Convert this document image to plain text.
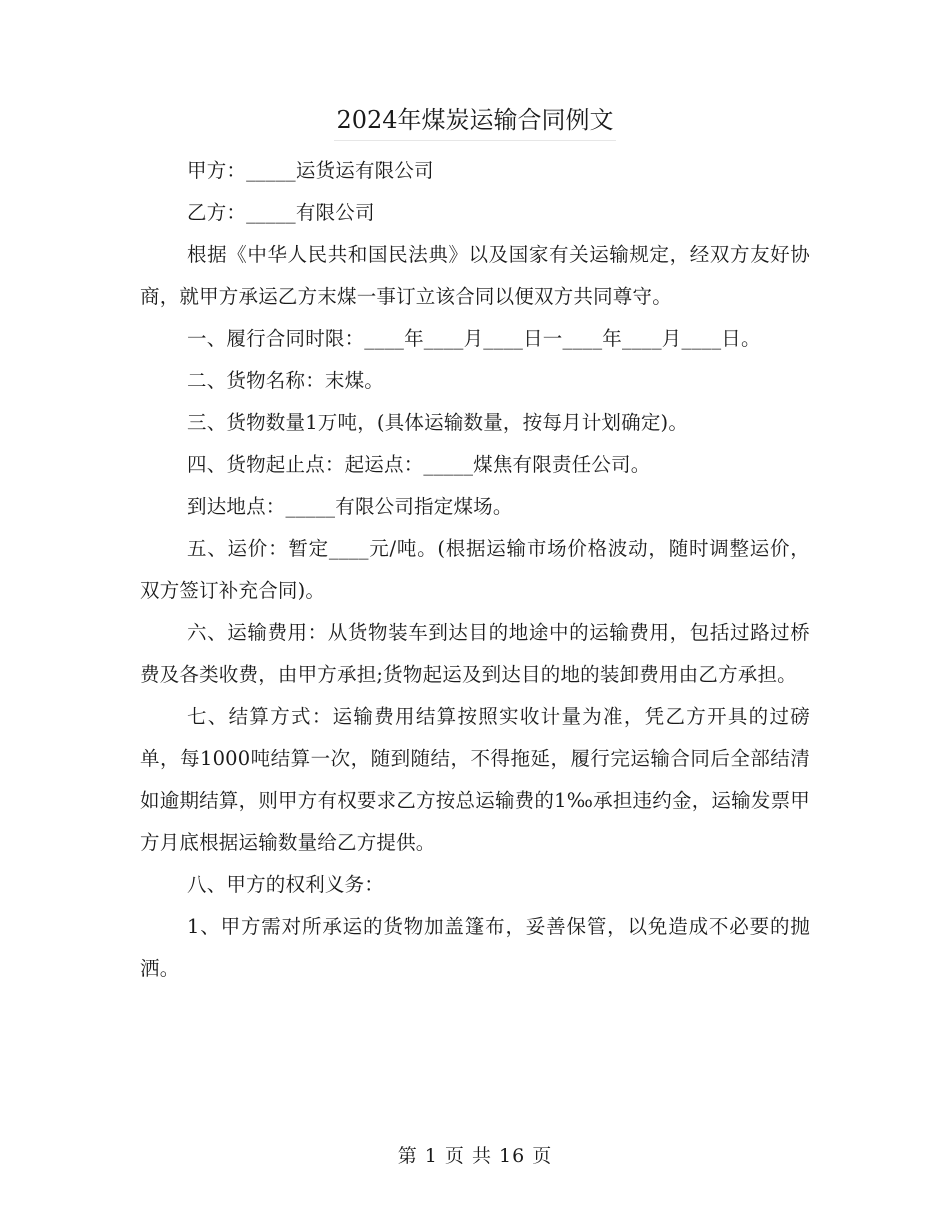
2024年煤炭运输合同例文

甲方：_____运货运有限公司

乙方：_____有限公司

根据《中华人民共和国民法典》以及国家有关运输规定，经双方友好协商，就甲方承运乙方末煤一事订立该合同以便双方共同尊守。

一、履行合同时限：____年____月____日一____年____月____日。

二、货物名称：末煤。

三、货物数量1万吨，(具体运输数量，按每月计划确定)。

四、货物起止点：起运点：_____煤焦有限责任公司。

到达地点：_____有限公司指定煤场。

五、运价：暂定____元/吨。(根据运输市场价格波动，随时调整运价，双方签订补充合同)。

六、运输费用：从货物装车到达目的地途中的运输费用，包括过路过桥费及各类收费，由甲方承担;货物起运及到达目的地的装卸费用由乙方承担。

七、结算方式：运输费用结算按照实收计量为准，凭乙方开具的过磅单，每1000吨结算一次，随到随结，不得拖延，履行完运输合同后全部结清如逾期结算，则甲方有权要求乙方按总运输费的1‰承担违约金，运输发票甲方月底根据运输数量给乙方提供。

八、甲方的权利义务：

1、甲方需对所承运的货物加盖篷布，妥善保管，以免造成不必要的抛洒。

第 1 页 共 16 页
